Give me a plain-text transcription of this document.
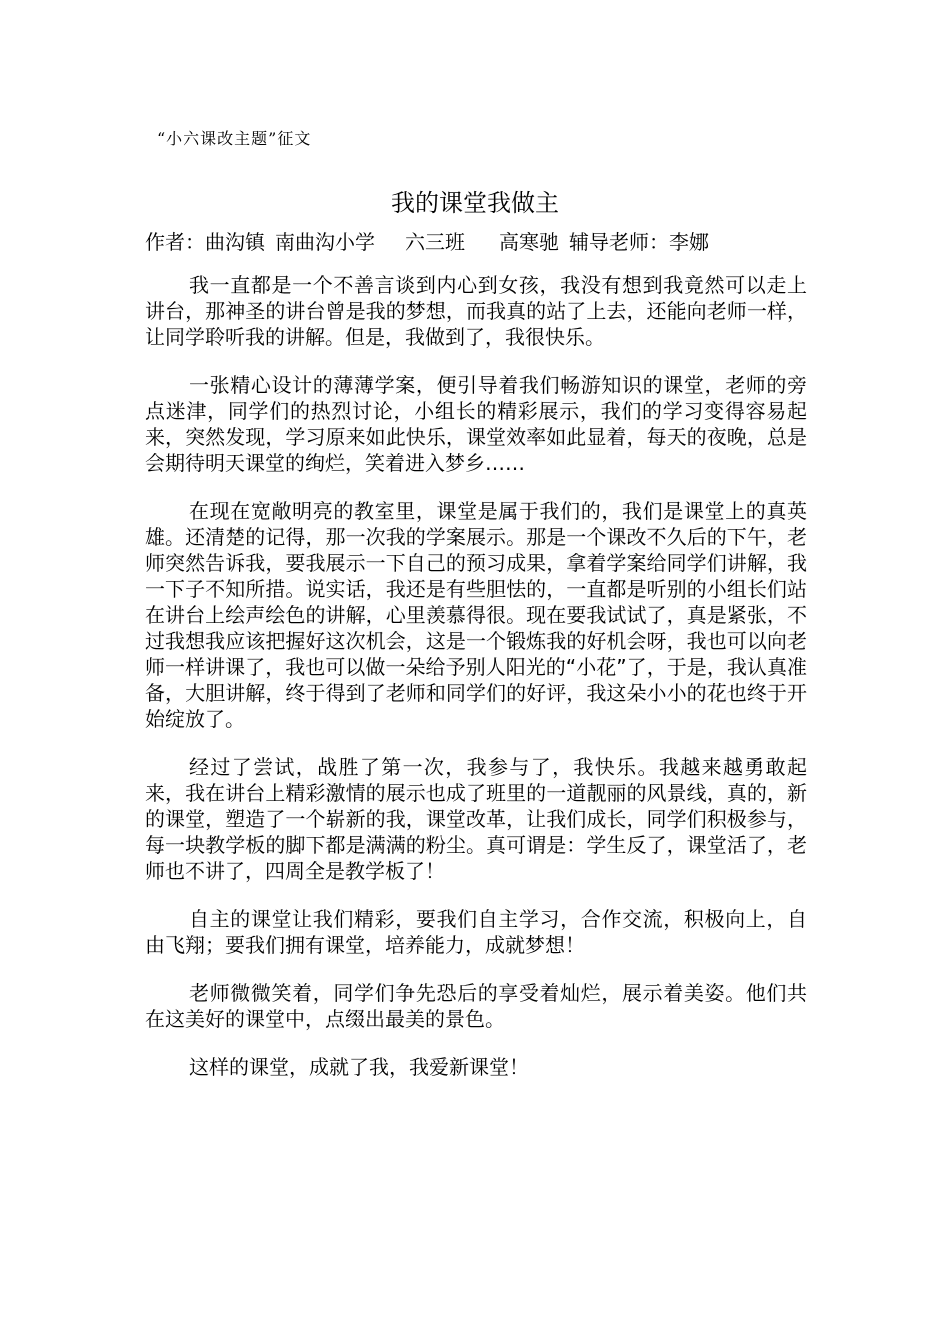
“小六课改主题”征文
我的课堂我做主
作者：曲沟镇 南曲沟小学 六三班 高寒驰 辅导老师：李娜

我一直都是一个不善言谈到内心到女孩，我没有想到我竟然可以走上讲台，那神圣的讲台曾是我的梦想，而我真的站了上去，还能向老师一样，让同学聆听我的讲解。但是，我做到了，我很快乐。

一张精心设计的薄薄学案，便引导着我们畅游知识的课堂，老师的旁点迷津，同学们的热烈讨论，小组长的精彩展示，我们的学习变得容易起来，突然发现，学习原来如此快乐，课堂效率如此显着，每天的夜晚，总是会期待明天课堂的绚烂，笑着进入梦乡……

在现在宽敞明亮的教室里，课堂是属于我们的，我们是课堂上的真英雄。还清楚的记得，那一次我的学案展示。那是一个课改不久后的下午，老师突然告诉我，要我展示一下自己的预习成果，拿着学案给同学们讲解，我一下子不知所措。说实话，我还是有些胆怯的，一直都是听别的小组长们站在讲台上绘声绘色的讲解，心里羡慕得很。现在要我试试了，真是紧张，不过我想我应该把握好这次机会，这是一个锻炼我的好机会呀，我也可以向老师一样讲课了，我也可以做一朵给予别人阳光的“小花”了，于是，我认真准备，大胆讲解，终于得到了老师和同学们的好评，我这朵小小的花也终于开始绽放了。

经过了尝试，战胜了第一次，我参与了，我快乐。我越来越勇敢起来，我在讲台上精彩激情的展示也成了班里的一道靓丽的风景线，真的，新的课堂，塑造了一个崭新的我，课堂改革，让我们成长，同学们积极参与，每一块教学板的脚下都是满满的粉尘。真可谓是：学生反了，课堂活了，老师也不讲了，四周全是教学板了！

自主的课堂让我们精彩，要我们自主学习，合作交流，积极向上，自由飞翔；要我们拥有课堂，培养能力，成就梦想！

老师微微笑着，同学们争先恐后的享受着灿烂，展示着美姿。他们共在这美好的课堂中，点缀出最美的景色。

这样的课堂，成就了我，我爱新课堂！
